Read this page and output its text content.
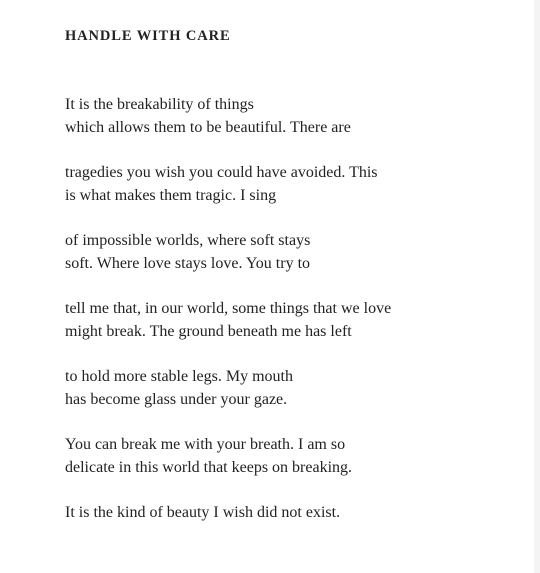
HANDLE WITH CARE
It is the breakability of things
which allows them to be beautiful. There are
tragedies you wish you could have avoided. This
is what makes them tragic. I sing
of impossible worlds, where soft stays
soft. Where love stays love. You try to
tell me that, in our world, some things that we love
might break. The ground beneath me has left
to hold more stable legs. My mouth
has become glass under your gaze.
You can break me with your breath. I am so
delicate in this world that keeps on breaking.
It is the kind of beauty I wish did not exist.
